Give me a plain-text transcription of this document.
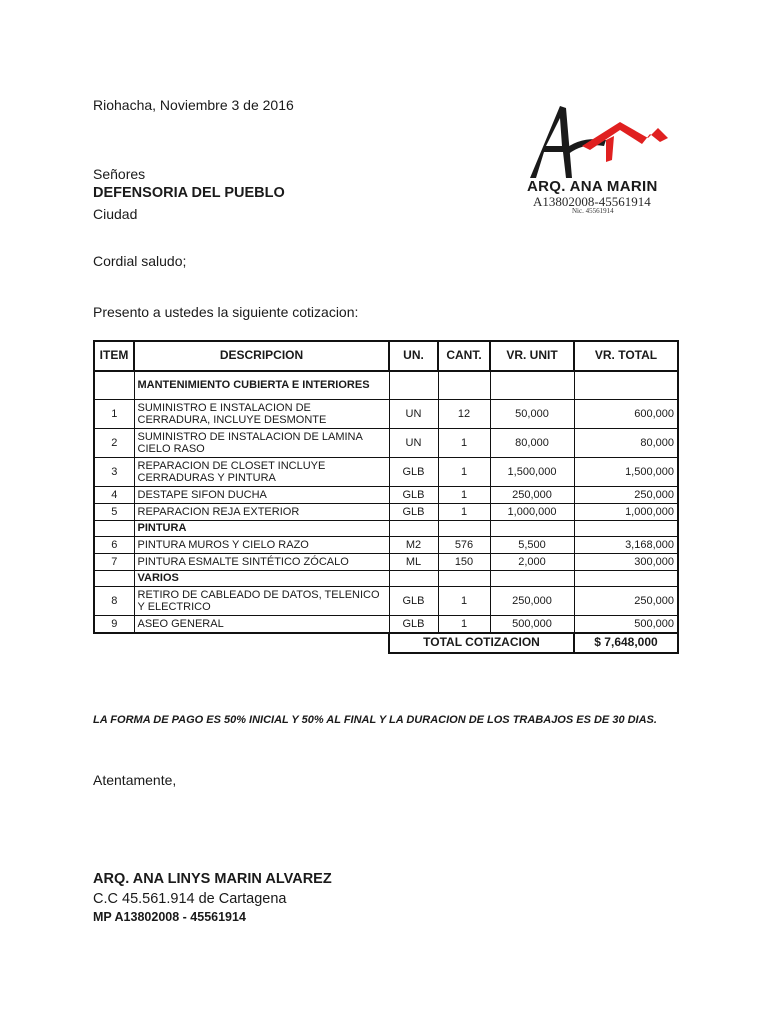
Riohacha, Noviembre 3 de 2016
Señores
DEFENSORIA DEL PUEBLO
Ciudad
Cordial saludo;
Presento a ustedes la siguiente cotizacion:
ARQ. ANA MARIN
A13802008-45561914
Nic. 45561914
ITEM	DESCRIPCION	UN.	CANT.	VR. UNIT	VR. TOTAL
	MANTENIMIENTO CUBIERTA E INTERIORES				
1	SUMINISTRO E INSTALACION DE CERRADURA, INCLUYE DESMONTE	UN	12	50,000	600,000
2	SUMINISTRO DE INSTALACION DE LAMINA CIELO RASO	UN	1	80,000	80,000
3	REPARACION DE CLOSET INCLUYE CERRADURAS Y PINTURA	GLB	1	1,500,000	1,500,000
4	DESTAPE SIFON DUCHA	GLB	1	250,000	250,000
5	REPARACION REJA EXTERIOR	GLB	1	1,000,000	1,000,000
	PINTURA				
6	PINTURA MUROS Y CIELO RAZO	M2	576	5,500	3,168,000
7	PINTURA ESMALTE SINTÉTICO ZÓCALO	ML	150	2,000	300,000
	VARIOS				
8	RETIRO DE CABLEADO DE DATOS, TELENICO Y ELECTRICO	GLB	1	250,000	250,000
9	ASEO GENERAL	GLB	1	500,000	500,000
		TOTAL COTIZACION			$ 7,648,000
LA FORMA DE PAGO ES 50% INICIAL Y 50% AL FINAL Y LA DURACION DE LOS TRABAJOS ES DE 30 DIAS.
Atentamente,
ARQ. ANA LINYS MARIN ALVAREZ
C.C 45.561.914 de Cartagena
MP A13802008 - 45561914
